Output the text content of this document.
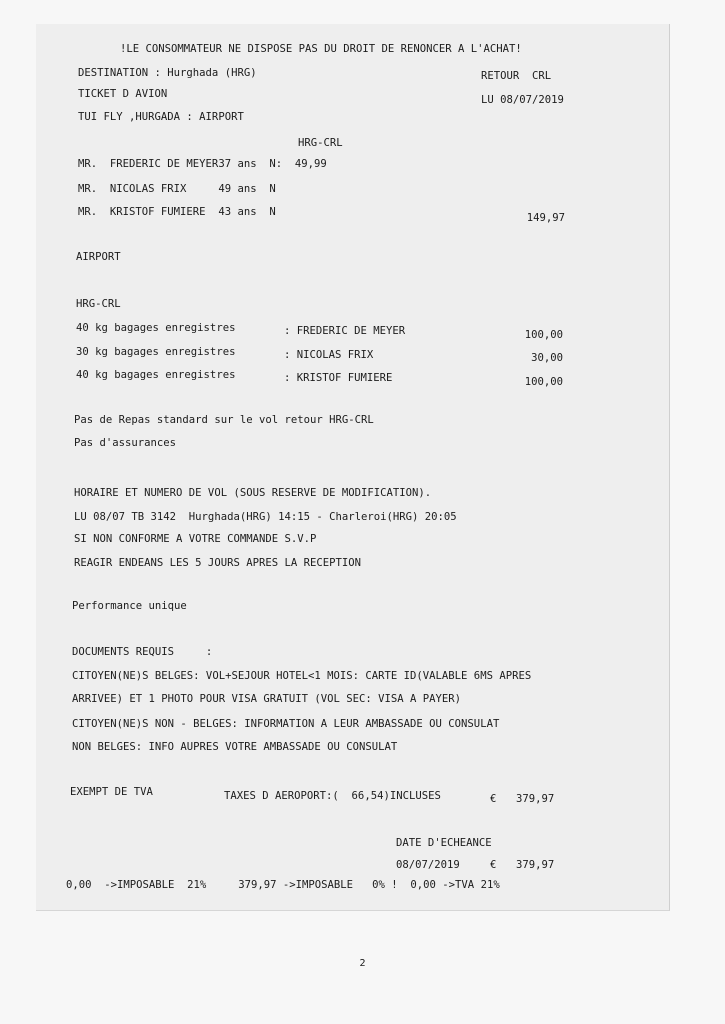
!LE CONSOMMATEUR NE DISPOSE PAS DU DROIT DE RENONCER A L'ACHAT!
DESTINATION : Hurghada (HRG)	RETOUR  CRL
TICKET D AVION	LU 08/07/2019
TUI FLY ,HURGADA : AIRPORT
HRG-CRL
MR.  FREDERIC DE MEYER37 ans  N:  49,99
MR.  NICOLAS FRIX     49 ans  N
MR.  KRISTOF FUMIERE  43 ans  N	149,97
AIRPORT
HRG-CRL
40 kg bagages enregistres	: FREDERIC DE MEYER	100,00
30 kg bagages enregistres	: NICOLAS FRIX	30,00
40 kg bagages enregistres	: KRISTOF FUMIERE	100,00
Pas de Repas standard sur le vol retour HRG-CRL
Pas d'assurances
HORAIRE ET NUMERO DE VOL (SOUS RESERVE DE MODIFICATION).
LU 08/07 TB 3142  Hurghada(HRG) 14:15 - Charleroi(HRG) 20:05
SI NON CONFORME A VOTRE COMMANDE S.V.P
REAGIR ENDEANS LES 5 JOURS APRES LA RECEPTION
Performance unique
DOCUMENTS REQUIS     :
CITOYEN(NE)S BELGES: VOL+SEJOUR HOTEL<1 MOIS: CARTE ID(VALABLE 6MS APRES
ARRIVEE) ET 1 PHOTO POUR VISA GRATUIT (VOL SEC: VISA A PAYER)
CITOYEN(NE)S NON - BELGES: INFORMATION A LEUR AMBASSADE OU CONSULAT
NON BELGES: INFO AUPRES VOTRE AMBASSADE OU CONSULAT
EXEMPT DE TVA	TAXES D AEROPORT:(  66,54)INCLUSES	€ 379,97
DATE D'ECHEANCE
08/07/2019	€ 379,97
0,00  ->IMPOSABLE  21%     379,97 ->IMPOSABLE   0% !  0,00 ->TVA 21%
2
